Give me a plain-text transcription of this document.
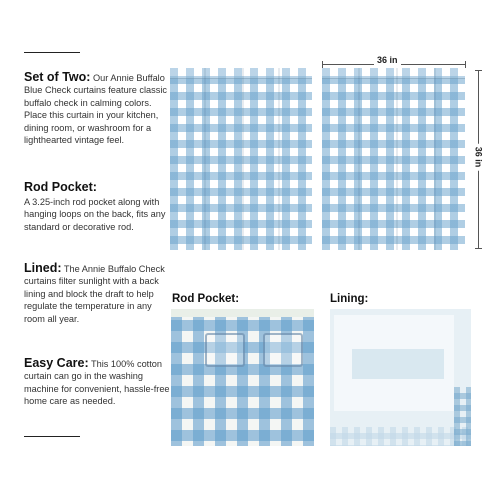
Set of Two: Our Annie Buffalo Blue Check curtains feature classic buffalo check in calming colors. Place this curtain in your kitchen, dining room, or washroom for a lighthearted vintage feel.
Rod Pocket:
A 3.25-inch rod pocket along with hanging loops on the back, fits any standard or decorative rod.
Lined: The Annie Buffalo Check curtains filter sunlight with a back lining and block the draft to help regulate the temperature in any room all year.
Easy Care: This 100% cotton curtain can go in the washing machine for convenient, hassle-free home care as needed.
36 in
36 in
Rod Pocket:	Lining:
